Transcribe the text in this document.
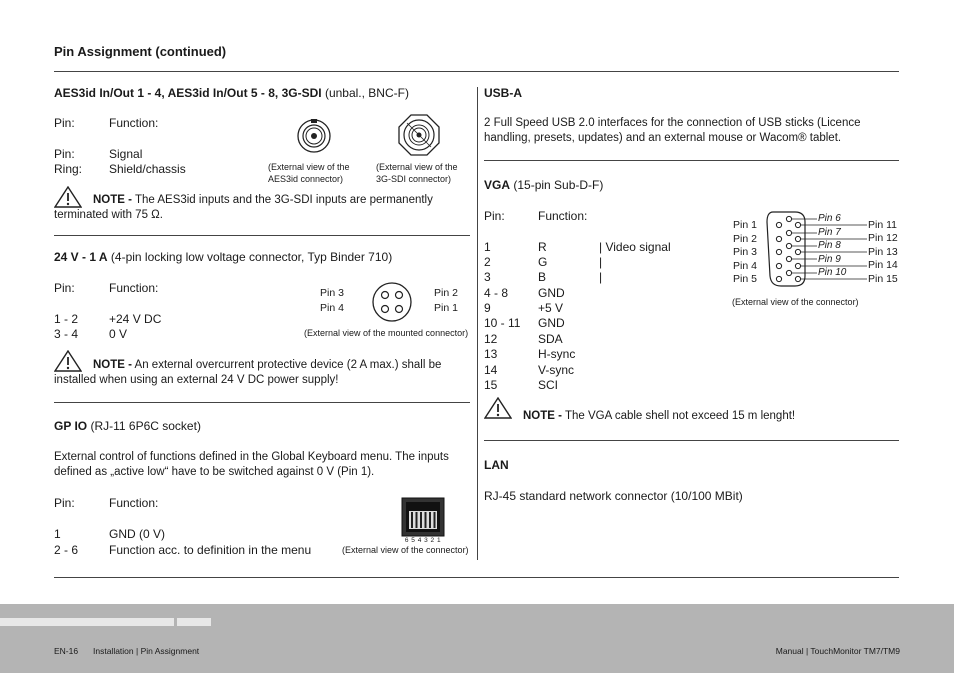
Pin Assignment (continued)
AES3id In/Out 1 - 4, AES3id In/Out 5 - 8, 3G-SDI (unbal., BNC-F)
Pin:	Function:
Pin:	Signal
Ring: Shield/chassis	(External view of the
AES3id connector)
(External view of the
3G-SDI connector)
NOTE - The AES3id inputs and the 3G-SDI inputs are permanently terminated with 75 Ω.
24 V - 1 A (4-pin locking low voltage connector, Typ Binder 710)
Pin:	Function:
1 - 2	+24 V DC
3 - 4	0 V
Pin 3
Pin 4
Pin 2
Pin 1
(External view of the mounted connector)
NOTE - An external overcurrent protective device (2 A max.) shall be installed when using an external 24 V DC power supply!
GP IO (RJ-11 6P6C socket)
External control of functions defined in the Global Keyboard menu. The inputs defined as „active low“ have to be switched against 0 V (Pin 1).
Pin:	Function:
1	GND (0 V)
2 - 6	Function acc. to definition in the menu
6 5 4 3 2 1
(External view of the connector)
USB-A
2 Full Speed USB 2.0 interfaces for the connection of USB sticks (Licence handling, presets, updates) and an external mouse or Wacom® tablet.
VGA (15-pin Sub-D-F)
Pin:	Function:
1	R	| Video signal
2	G	|
3	B	|
4 - 8 GND
9	+5 V
10 - 11 GND
12	SDA
13	H-sync
14	V-sync
15	SCI
Pin 1
Pin 2
Pin 3
Pin 4
Pin 5
Pin 6
Pin 7
Pin 8
Pin 9
Pin 10
Pin 11
Pin 12
Pin 13
Pin 14
Pin 15
(External view of the connector)
NOTE - The VGA cable shell not exceed 15 m lenght!
LAN
RJ-45 standard network connector (10/100 MBit)
EN-16 Installation | Pin Assignment	Manual | TouchMonitor TM7/TM9
